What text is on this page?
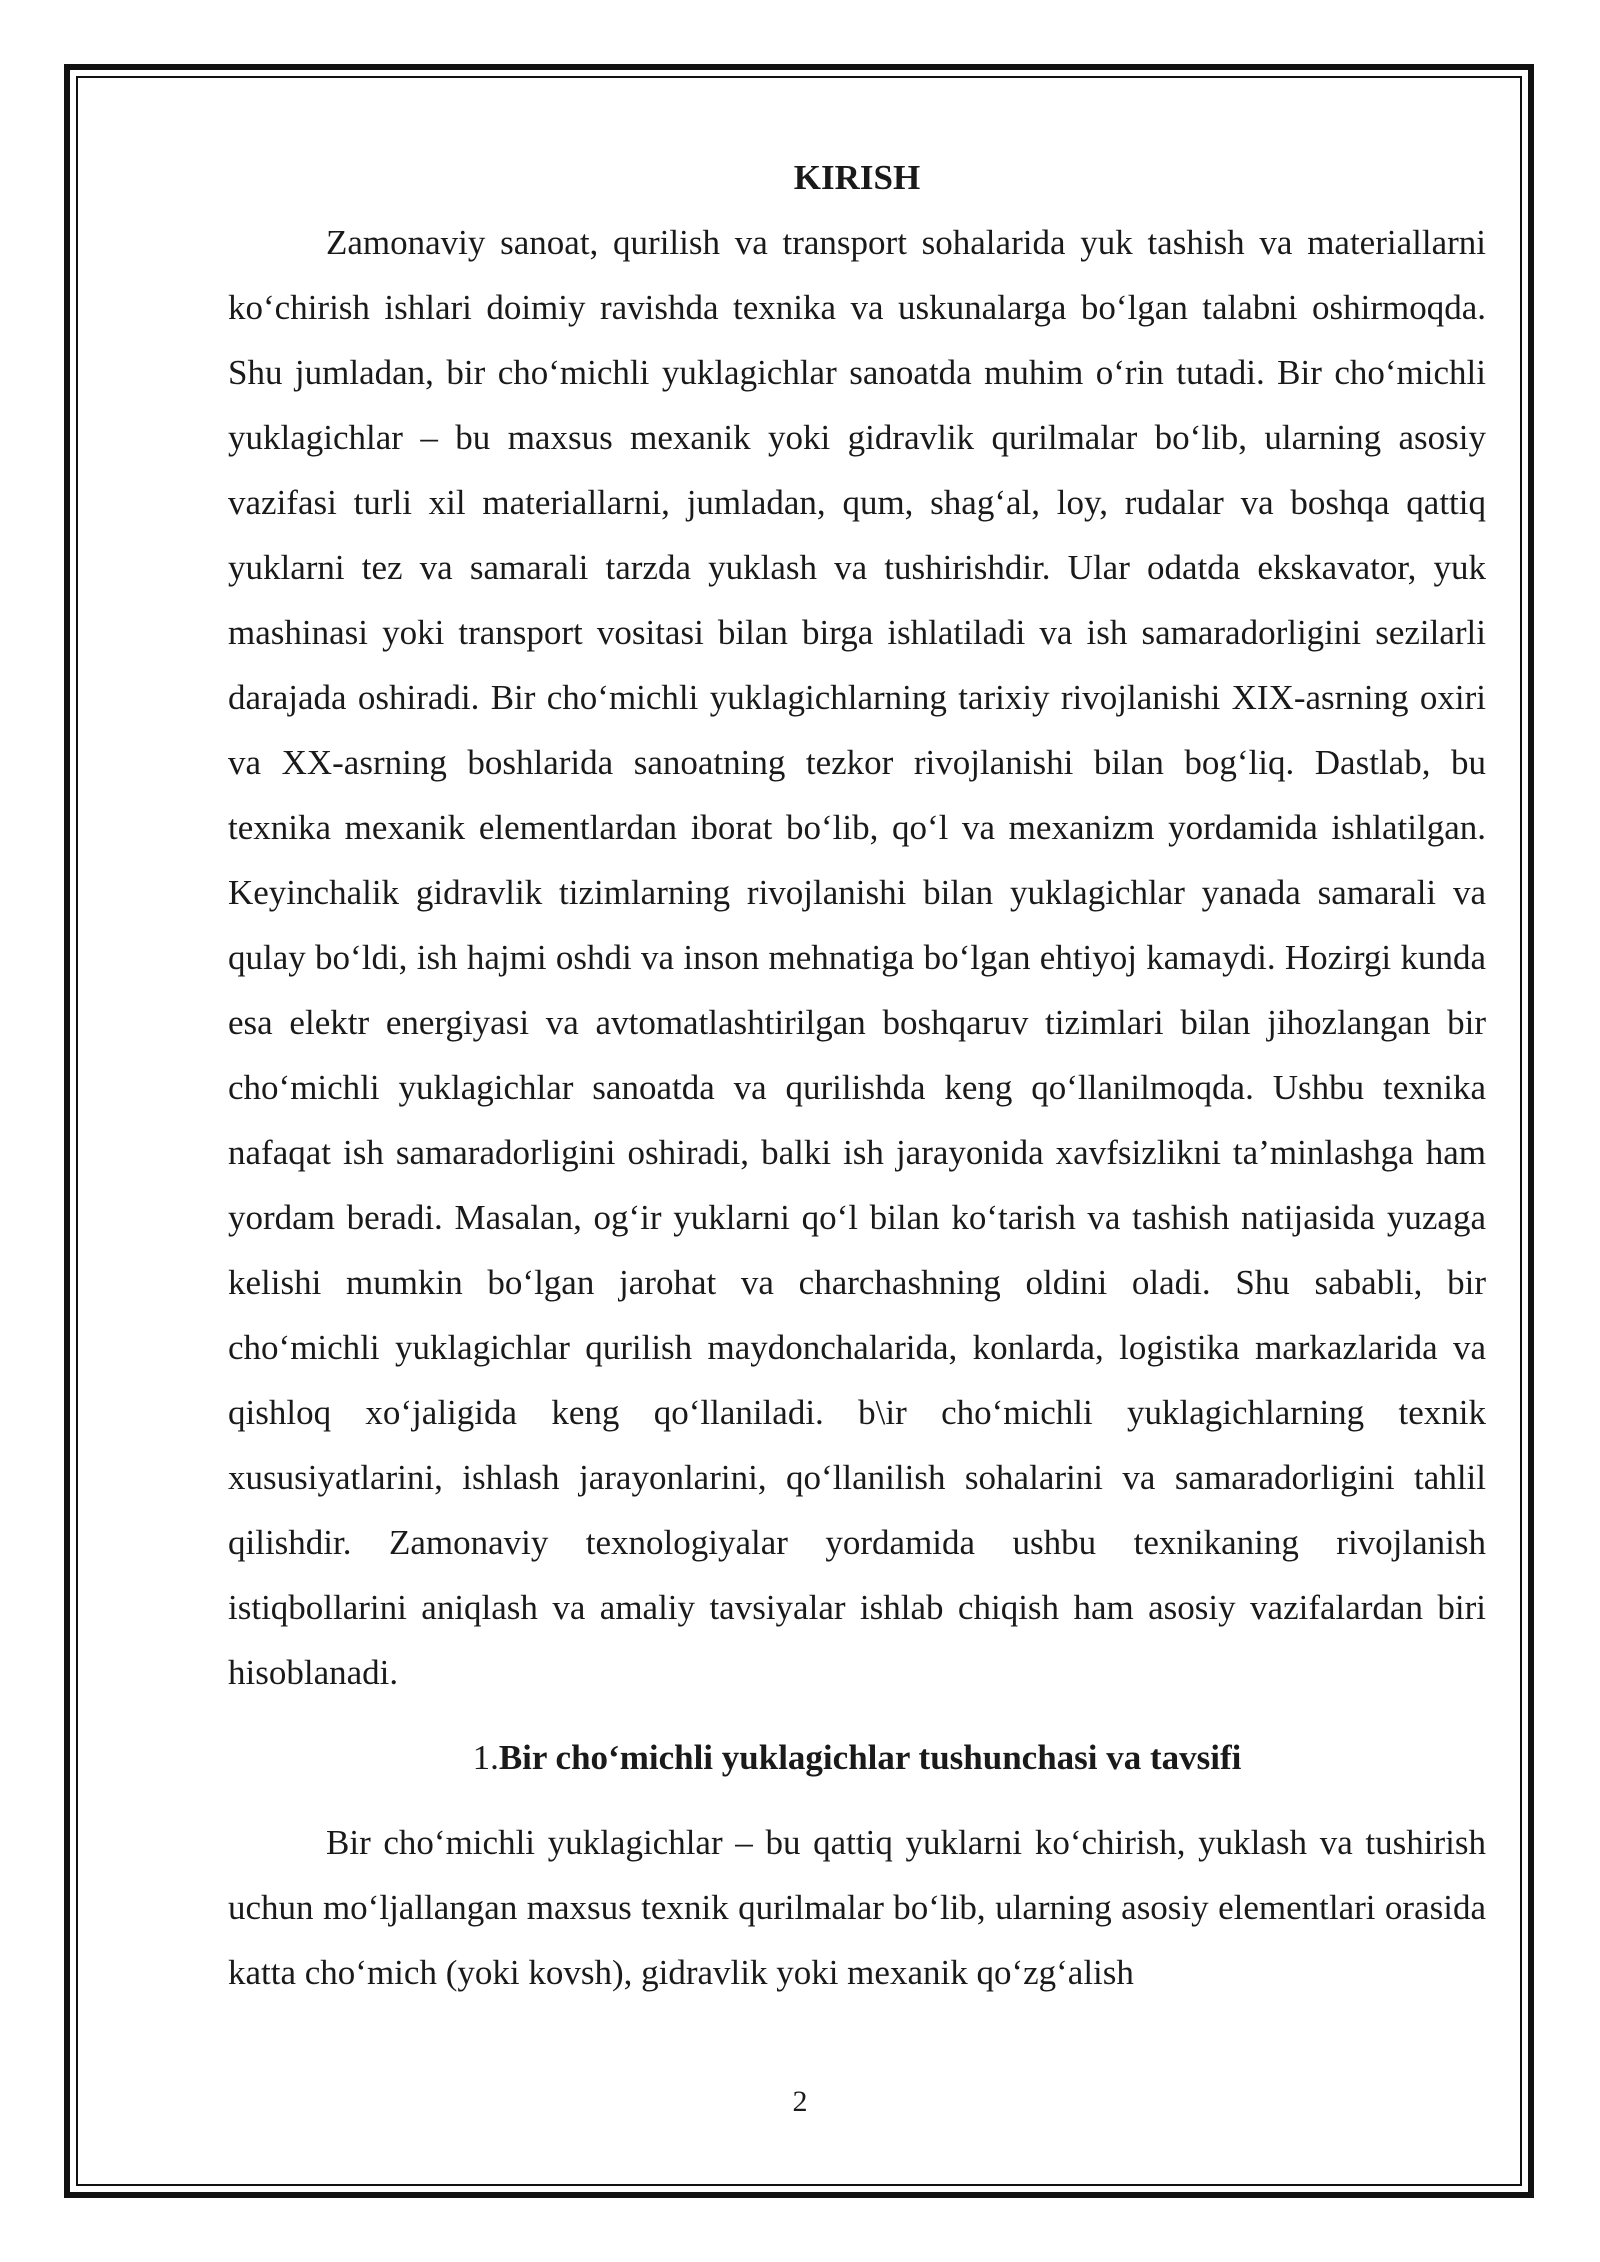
KIRISH

Zamonaviy sanoat, qurilish va transport sohalarida yuk tashish va materiallarni ko‘chirish ishlari doimiy ravishda texnika va uskunalarga bo‘lgan talabni oshirmoqda. Shu jumladan, bir cho‘michli yuklagichlar sanoatda muhim o‘rin tutadi. Bir cho‘michli yuklagichlar – bu maxsus mexanik yoki gidravlik qurilmalar bo‘lib, ularning asosiy vazifasi turli xil materiallarni, jumladan, qum, shag‘al, loy, rudalar va boshqa qattiq yuklarni tez va samarali tarzda yuklash va tushirishdir. Ular odatda ekskavator, yuk mashinasi yoki transport vositasi bilan birga ishlatiladi va ish samaradorligini sezilarli darajada oshiradi. Bir cho‘michli yuklagichlarning tarixiy rivojlanishi XIX-asrning oxiri va XX-asrning boshlarida sanoatning tezkor rivojlanishi bilan bog‘liq. Dastlab, bu texnika mexanik elementlardan iborat bo‘lib, qo‘l va mexanizm yordamida ishlatilgan. Keyinchalik gidravlik tizimlarning rivojlanishi bilan yuklagichlar yanada samarali va qulay bo‘ldi, ish hajmi oshdi va inson mehnatiga bo‘lgan ehtiyoj kamaydi. Hozirgi kunda esa elektr energiyasi va avtomatlashtirilgan boshqaruv tizimlari bilan jihozlangan bir cho‘michli yuklagichlar sanoatda va qurilishda keng qo‘llanilmoqda. Ushbu texnika nafaqat ish samaradorligini oshiradi, balki ish jarayonida xavfsizlikni ta’minlashga ham yordam beradi. Masalan, og‘ir yuklarni qo‘l bilan ko‘tarish va tashish natijasida yuzaga kelishi mumkin bo‘lgan jarohat va charchashning oldini oladi. Shu sababli, bir cho‘michli yuklagichlar qurilish maydonchalarida, konlarda, logistika markazlarida va qishloq xo‘jaligida keng qo‘llaniladi. b\ir cho‘michli yuklagichlarning texnik xususiyatlarini, ishlash jarayonlarini, qo‘llanilish sohalarini va samaradorligini tahlil qilishdir. Zamonaviy texnologiyalar yordamida ushbu texnikaning rivojlanish istiqbollarini aniqlash va amaliy tavsiyalar ishlab chiqish ham asosiy vazifalardan biri hisoblanadi.

1.Bir cho‘michli yuklagichlar tushunchasi va tavsifi

Bir cho‘michli yuklagichlar – bu qattiq yuklarni ko‘chirish, yuklash va tushirish uchun mo‘ljallangan maxsus texnik qurilmalar bo‘lib, ularning asosiy elementlari orasida katta cho‘mich (yoki kovsh), gidravlik yoki mexanik qo‘zg‘alish

2
